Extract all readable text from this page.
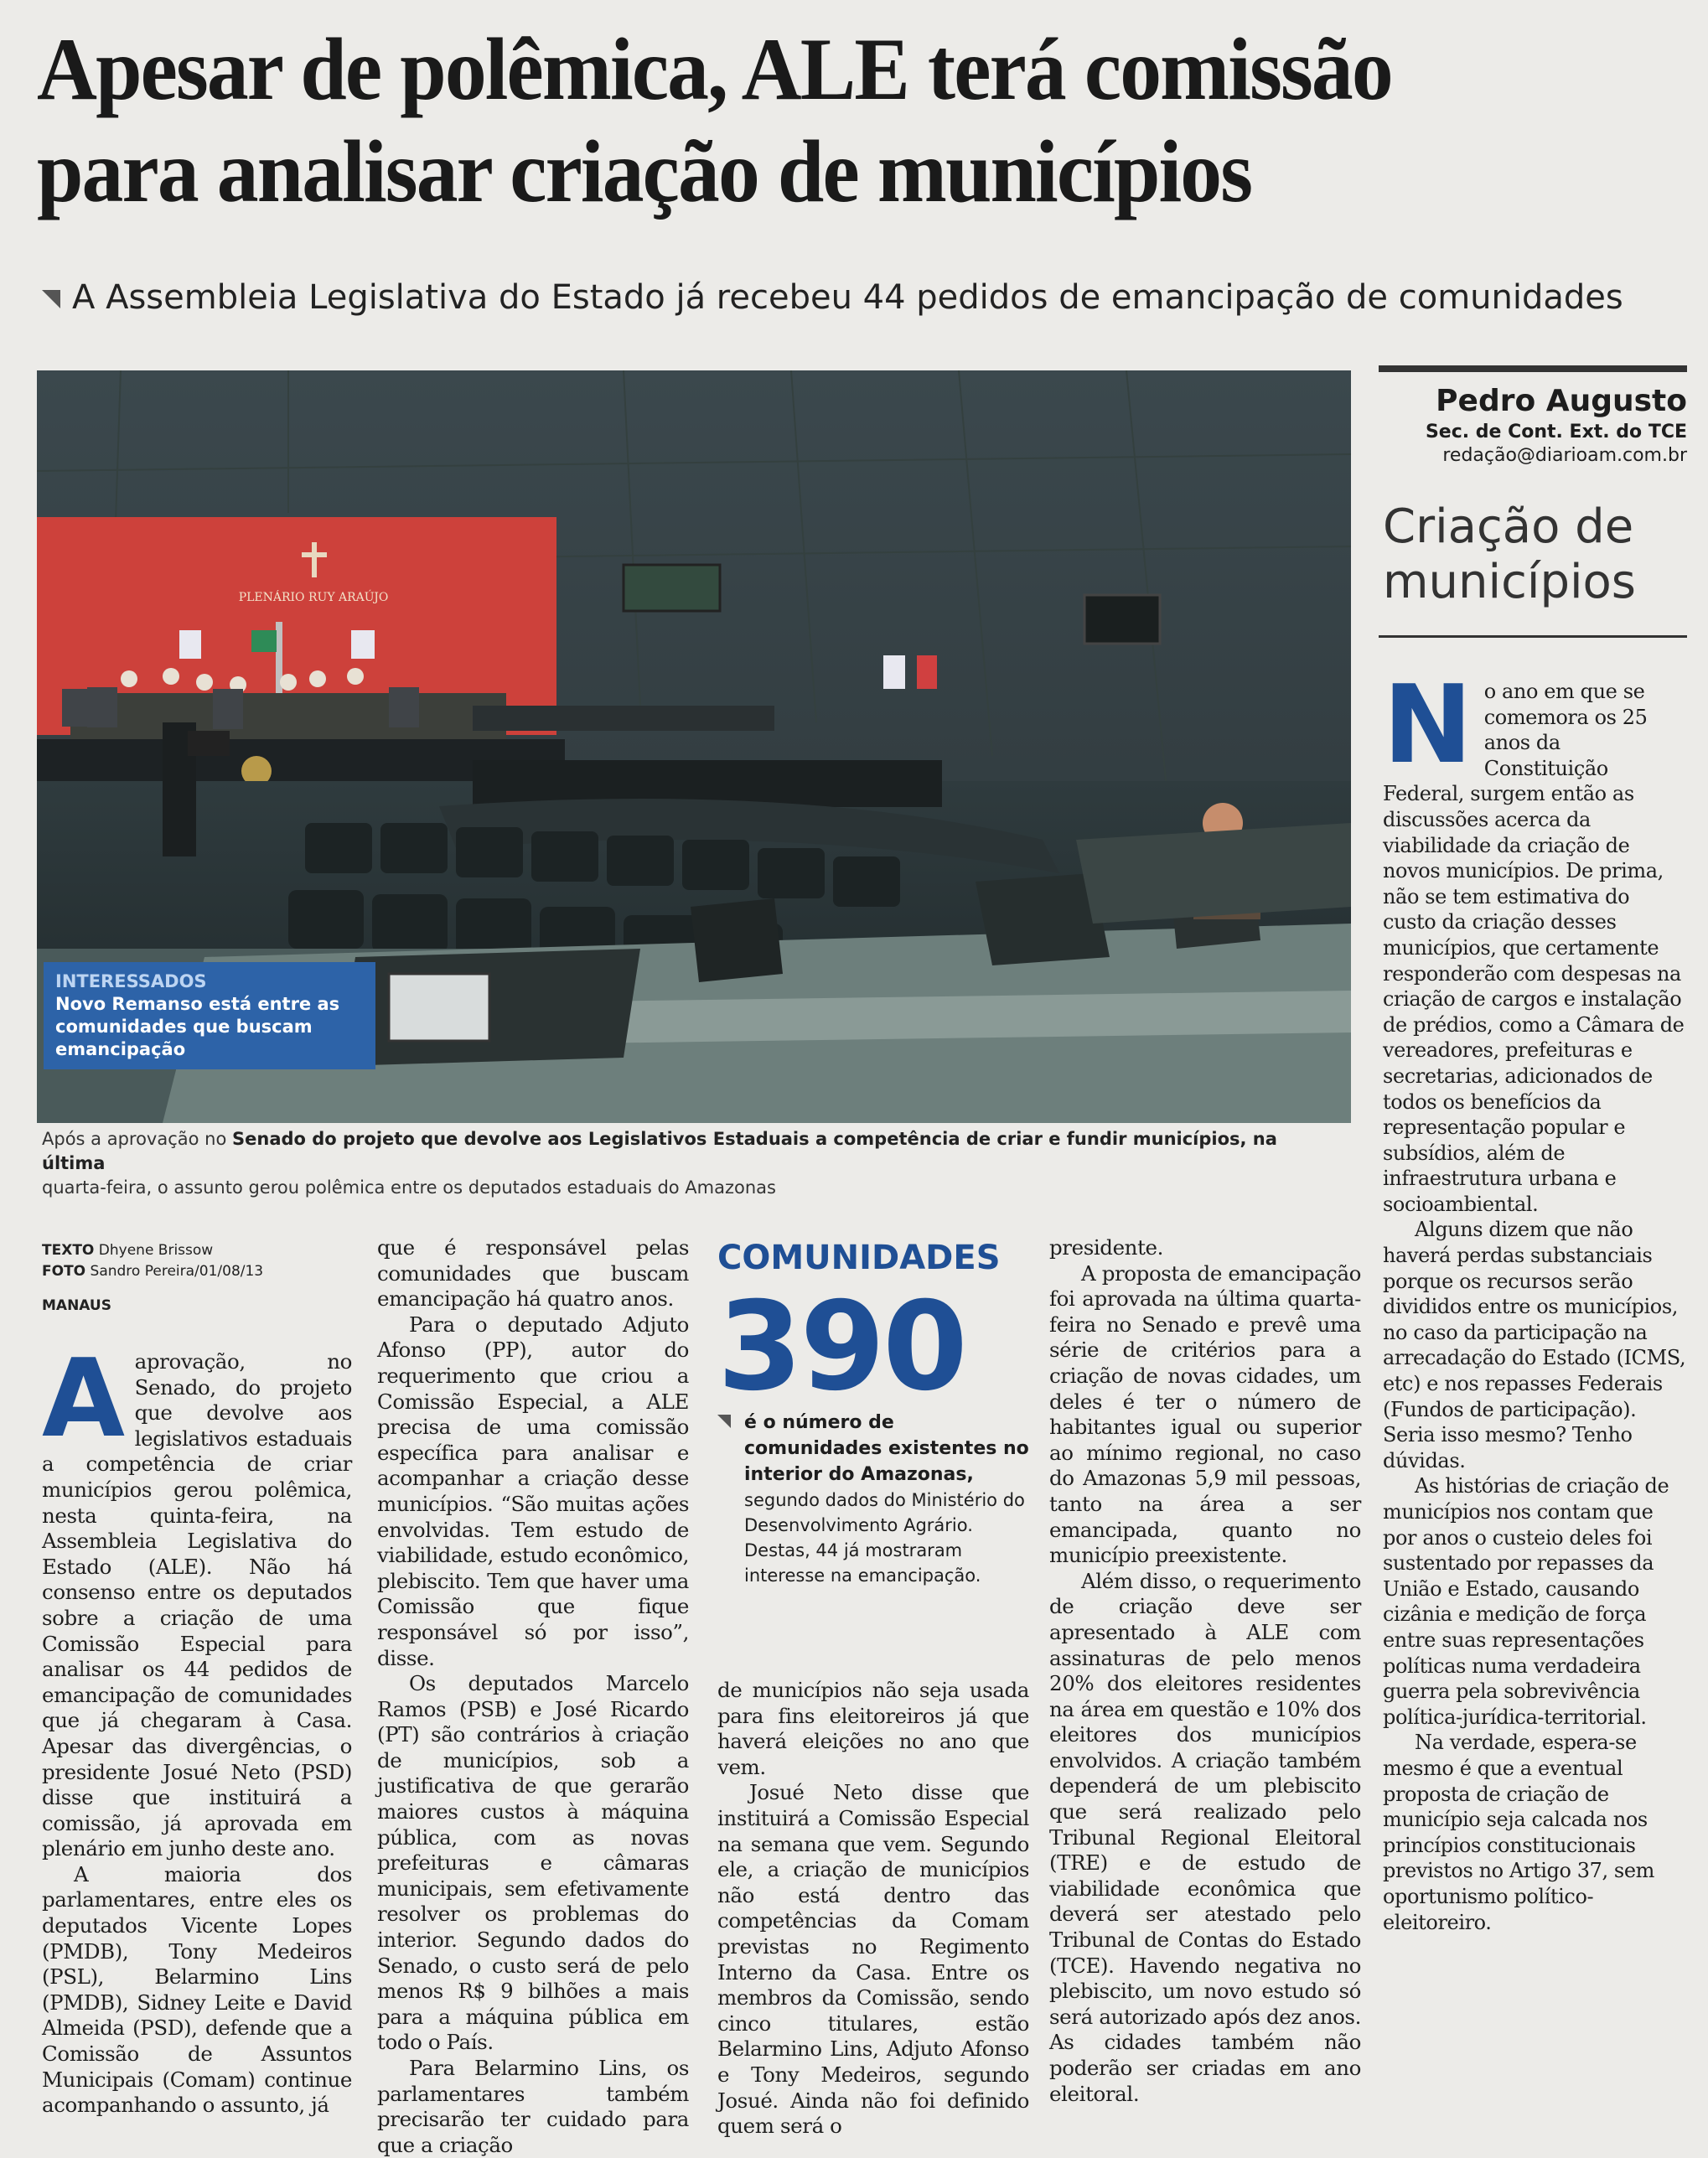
Apesar de polêmica, ALE terá comissão
para analisar criação de municípios
A Assembleia Legislativa do Estado já recebeu 44 pedidos de emancipação de comunidades
PLENÁRIO RUY ARAÚJO
INTERESSADOS
Novo Remanso está entre as comunidades que buscam emancipação
Após a aprovação no Senado do projeto que devolve aos Legislativos Estaduais a competência de criar e fundir municípios, na última
quarta-feira, o assunto gerou polêmica entre os deputados estaduais do Amazonas
TEXTO Dhyene Brissow
FOTO Sandro Pereira/01/08/13
MANAUS

Aaprovação, no Senado, do projeto que devolve aos legislativos estaduais a competência de criar municípios gerou polêmica, nesta quinta-feira, na Assembleia Legislativa do Estado (ALE). Não há consenso entre os deputados sobre a criação de uma Comissão Especial para analisar os 44 pedidos de emancipação de comunidades que já chegaram à Casa. Apesar das divergências, o presidente Josué Neto (PSD) disse que instituirá a comissão, já aprovada em plenário em junho deste ano.

A maioria dos parlamentares, entre eles os deputados Vicente Lopes (PMDB), Tony Medeiros (PSL), Belarmino Lins (PMDB), Sidney Leite e David Almeida (PSD), defende que a Comissão de Assuntos Municipais (Comam) continue acompanhando o assunto, já

que é responsável pelas comunidades que buscam emancipação há quatro anos.

Para o deputado Adjuto Afonso (PP), autor do requerimento que criou a Comissão Especial, a ALE precisa de uma comissão específica para analisar e acompanhar a criação desse municípios. “São muitas ações envolvidas. Tem estudo de viabilidade, estudo econômico, plebiscito. Tem que haver uma Comissão que fique responsável só por isso”, disse.

Os deputados Marcelo Ramos (PSB) e José Ricardo (PT) são contrários à criação de municípios, sob a justificativa de que gerarão maiores custos à máquina pública, com as novas prefeituras e câmaras municipais, sem efetivamente resolver os problemas do interior. Segundo dados do Senado, o custo será de pelo menos R$ 9 bilhões a mais para a máquina pública em todo o País.

Para Belarmino Lins, os parlamentares também precisarão ter cuidado para que a criação

COMUNIDADES
390
é o número de comunidades existentes no interior do Amazonas, segundo dados do Ministério do Desenvolvimento Agrário. Destas, 44 já mostraram interesse na emancipação.

de municípios não seja usada para fins eleitoreiros já que haverá eleições no ano que vem.

Josué Neto disse que instituirá a Comissão Especial na semana que vem. Segundo ele, a criação de municípios não está dentro das competências da Comam previstas no Regimento Interno da Casa. Entre os membros da Comissão, sendo cinco titulares, estão Belarmino Lins, Adjuto Afonso e Tony Medeiros, segundo Josué. Ainda não foi definido quem será o

presidente.

A proposta de emancipação foi aprovada na última quarta-feira no Senado e prevê uma série de critérios para a criação de novas cidades, um deles é ter o número de habitantes igual ou superior ao mínimo regional, no caso do Amazonas 5,9 mil pessoas, tanto na área a ser emancipada, quanto no município preexistente.

Além disso, o requerimento de criação deve ser apresentado à ALE com assinaturas de pelo menos 20% dos eleitores residentes na área em questão e 10% dos eleitores dos municípios envolvidos. A criação também dependerá de um plebiscito que será realizado pelo Tribunal Regional Eleitoral (TRE) e de estudo de viabilidade econômica que deverá ser atestado pelo Tribunal de Contas do Estado (TCE). Havendo negativa no plebiscito, um novo estudo só será autorizado após dez anos. As cidades também não poderão ser criadas em ano eleitoral.

Pedro Augusto
Sec. de Cont. Ext. do TCE
redação@diarioam.com.br
Criação de municípios

No ano em que se comemora os 25 anos da Constituição Federal, surgem então as discussões acerca da viabilidade da criação de novos municípios. De prima, não se tem estimativa do custo da criação desses municípios, que certamente responderão com despesas na criação de cargos e instalação de prédios, como a Câmara de vereadores, prefeituras e secretarias, adicionados de todos os benefícios da representação popular e subsídios, além de infraestrutura urbana e socioambiental.

Alguns dizem que não haverá perdas substanciais porque os recursos serão divididos entre os municípios, no caso da participação na arrecadação do Estado (ICMS, etc) e nos repasses Federais (Fundos de participação). Seria isso mesmo? Tenho dúvidas.

As histórias de criação de municípios nos contam que por anos o custeio deles foi sustentado por repasses da União e Estado, causando cizânia e medição de força entre suas representações políticas numa verdadeira guerra pela sobrevivência política-jurídica-territorial.

Na verdade, espera-se mesmo é que a eventual proposta de criação de município seja calcada nos princípios constitucionais previstos no Artigo 37, sem oportunismo político-eleitoreiro.
